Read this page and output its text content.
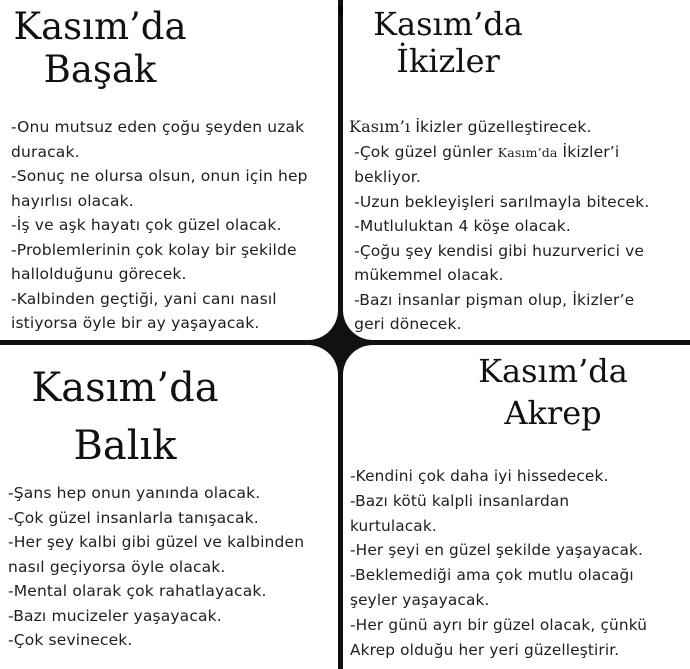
Kasım’da
Başak
-Onu mutsuz eden çoğu şeyden uzak
duracak.
-Sonuç ne olursa olsun, onun için hep
hayırlısı olacak.
-İş ve aşk hayatı çok güzel olacak.
-Problemlerinin çok kolay bir şekilde
hallolduğunu görecek.
-Kalbinden geçtiği, yani canı nasıl
istiyorsa öyle bir ay yaşayacak.
Kasım’da
İkizler
Kasım’ı İkizler güzelleştirecek.
-Çok güzel günler Kasım’da İkizler’i
bekliyor.
-Uzun bekleyişleri sarılmayla bitecek.
-Mutluluktan 4 köşe olacak.
-Çoğu şey kendisi gibi huzurverici ve
mükemmel olacak.
-Bazı insanlar pişman olup, İkizler’e
geri dönecek.
Kasım’da
Balık
-Şans hep onun yanında olacak.
-Çok güzel insanlarla tanışacak.
-Her şey kalbi gibi güzel ve kalbinden
nasıl geçiyorsa öyle olacak.
-Mental olarak çok rahatlayacak.
-Bazı mucizeler yaşayacak.
-Çok sevinecek.
Kasım’da
Akrep
-Kendini çok daha iyi hissedecek.
-Bazı kötü kalpli insanlardan
kurtulacak.
-Her şeyi en güzel şekilde yaşayacak.
-Beklemediği ama çok mutlu olacağı
şeyler yaşayacak.
-Her günü ayrı bir güzel olacak, çünkü
Akrep olduğu her yeri güzelleştirir.
